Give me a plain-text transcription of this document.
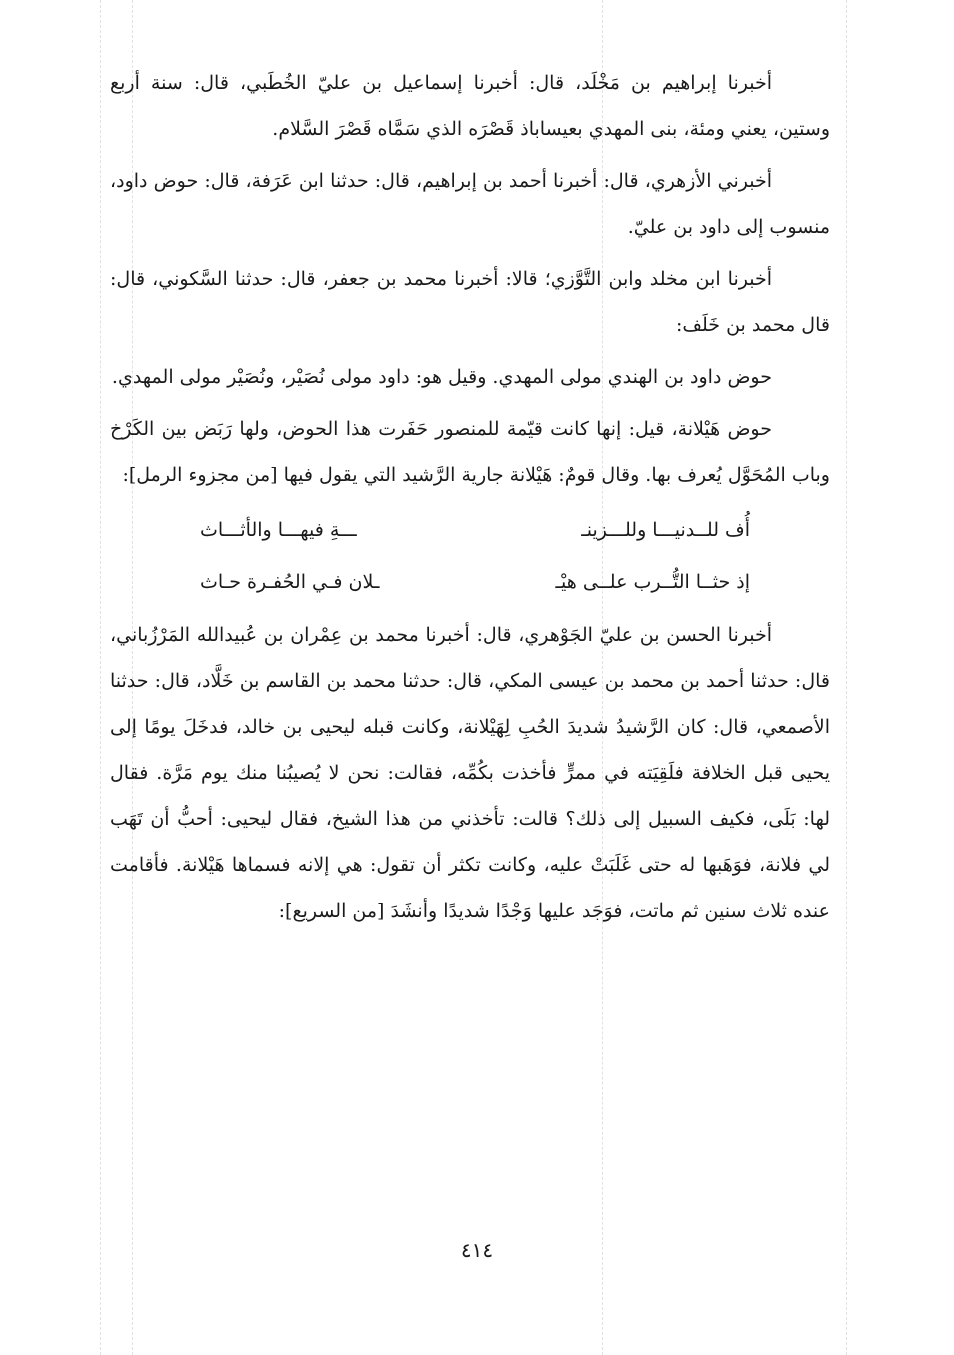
أخبرنا إبراهيم بن مَخْلَد، قال: أخبرنا إسماعيل بن عليّ الخُطَبي، قال: سنة أربع وستين، يعني ومئة، بنى المهدي بعيساباذ قَصْرَه الذي سَمَّاه قَصْرَ السَّلام.

أخبرني الأزهري، قال: أخبرنا أحمد بن إبراهيم، قال: حدثنا ابن عَرَفة، قال: حوض داود، منسوب إلى داود بن عليّ.

أخبرنا ابن مخلد وابن التَّوَّزي؛ قالا: أخبرنا محمد بن جعفر، قال: حدثنا السَّكوني، قال: قال محمد بن خَلَف:

حوض داود بن الهندي مولى المهدي. وقيل هو: داود مولى نُصَيْر، ونُصَيْر مولى المهدي.

حوض هَيْلانة، قيل: إنها كانت قيّمة للمنصور حَفَرت هذا الحوض، ولها رَبَض بين الكَرْخ وباب المُحَوَّل يُعرف بها. وقال قومٌ: هَيْلانة جارية الرَّشيد التي يقول فيها [من مجزوء الرمل]:

أُف للــدنيـــا وللـــزينـ
ـــةِ فيهـــا والأثـــاث
إذ حثــا التُّــرب علــى هيْـ
ـلان فـي الحُفـرة حـاث

أخبرنا الحسن بن عليّ الجَوْهري، قال: أخبرنا محمد بن عِمْران بن عُبيدالله المَرْزُباني، قال: حدثنا أحمد بن محمد بن عيسى المكي، قال: حدثنا محمد بن القاسم بن خَلَّاد، قال: حدثنا الأصمعي، قال: كان الرَّشيدُ شديدَ الحُبِ لِهَيْلانة، وكانت قبله ليحيى بن خالد، فدخَلَ يومًا إلى يحيى قبل الخلافة فلَقِيَته في ممرٍّ فأخذت بكُمِّه، فقالت: نحن لا يُصيبُنا منك يوم مَرَّة. فقال لها: بَلَى، فكيف السبيل إلى ذلك؟ قالت: تأخذني من هذا الشيخ، فقال ليحيى: أحبُّ أن تَهَب لي فلانة، فوَهَبها له حتى غَلَبَتْ عليه، وكانت تكثر أن تقول: هي إلانه فسماها هَيْلانة. فأقامت عنده ثلاث سنين ثم ماتت، فوَجَد عليها وَجْدًا شديدًا وأنشَدَ [من السريع]:

٤١٤
